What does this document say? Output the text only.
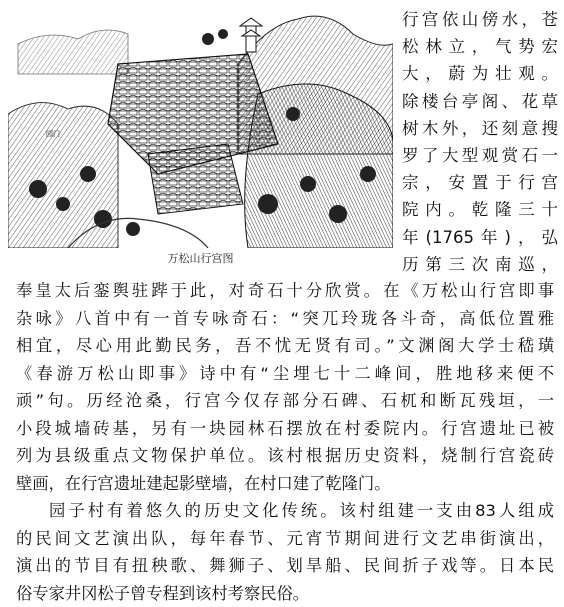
园门
万松山行宫图
行宫依山傍水，苍
松林立，气势宏
大，蔚为壮观。
除楼台亭阁、花草
树木外，还刻意搜
罗了大型观赏石一
宗，安置于行宫
院内。乾隆三十
年(1765年)，弘
历第三次南巡，
奉皇太后銮舆驻跸于此，对奇石十分欣赏。在《万松山行宫即事
杂咏》八首中有一首专咏奇石：“突兀玲珑各斗奇，高低位置雅
相宜，尽心用此勤民务，吾不忧无贤有司。”文渊阁大学士嵇璜
《春游万松山即事》诗中有“尘埋七十二峰间，胜地移来便不
顽”句。历经沧桑，行宫今仅存部分石碑、石杌和断瓦残垣，一
小段城墙砖基，另有一块园林石摆放在村委院内。行宫遗址已被
列为县级重点文物保护单位。该村根据历史资料，烧制行宫瓷砖
壁画，在行宫遗址建起影壁墙，在村口建了乾隆门。
园子村有着悠久的历史文化传统。该村组建一支由83人组成
的民间文艺演出队，每年春节、元宵节期间进行文艺串街演出，
演出的节目有扭秧歌、舞狮子、划旱船、民间折子戏等。日本民
俗专家井冈松子曾专程到该村考察民俗。
